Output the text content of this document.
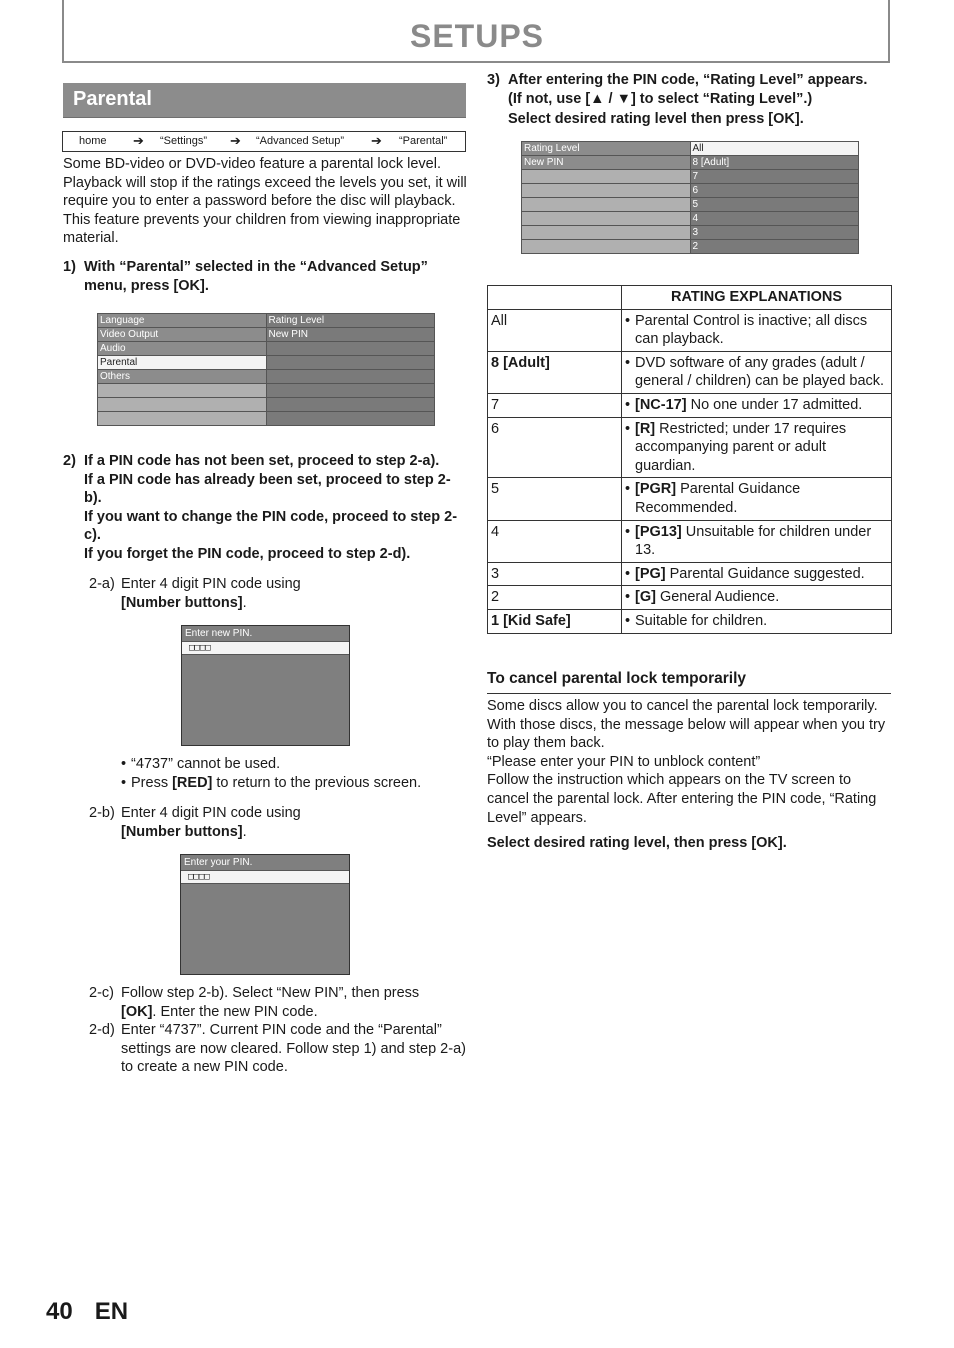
SETUPS
Parental
home ➔ “Settings” ➔ “Advanced Setup” ➔ “Parental”
Some BD-video or DVD-video feature a parental lock level. Playback will stop if the ratings exceed the levels you set, it will require you to enter a password before the disc will playback. This feature prevents your children from viewing inappropriate material.
1) With “Parental” selected in the “Advanced Setup” menu, press [OK].
Language	Rating Level
Video Output	New PIN
Audio	
Parental	
Others	

2) If a PIN code has not been set, proceed to step 2-a).
If a PIN code has already been set, proceed to step 2-b).
If you want to change the PIN code, proceed to step 2-c).
If you forget the PIN code, proceed to step 2-d).
2-a) Enter 4 digit PIN code using
[Number buttons].
Enter new PIN.
□□□□
• “4737” cannot be used.
• Press [RED] to return to the previous screen.
2-b) Enter 4 digit PIN code using
[Number buttons].
Enter your PIN.
□□□□
2-c) Follow step 2-b). Select “New PIN”, then press
[OK]. Enter the new PIN code.
2-d) Enter “4737”. Current PIN code and the “Parental” settings are now cleared. Follow step 1) and step 2-a) to create a new PIN code.
3) After entering the PIN code, “Rating Level” appears.
(If not, use [▲ / ▼] to select “Rating Level”.)
Select desired rating level then press [OK].
Rating Level	All
New PIN	8 [Adult]
	7
	6
	5
	4
	3
	2
	RATING EXPLANATIONS
All	• Parental Control is inactive; all discs can playback.

8 [Adult]	• DVD software of any grades (adult / general / children) can be played back.

7	• [NC-17] No one under 17 admitted.

6	• [R] Restricted; under 17 requires accompanying parent or adult guardian.

5	• [PGR] Parental Guidance Recommended.

4	• [PG13] Unsuitable for children under 13.

3	• [PG] Parental Guidance suggested.

2	• [G] General Audience.

1 [Kid Safe]	• Suitable for children.
To cancel parental lock temporarily
Some discs allow you to cancel the parental lock temporarily. With those discs, the message below will appear when you try to play them back.
“Please enter your PIN to unblock content”
Follow the instruction which appears on the TV screen to cancel the parental lock. After entering the PIN code, “Rating Level” appears.
Select desired rating level, then press [OK].
40 EN
